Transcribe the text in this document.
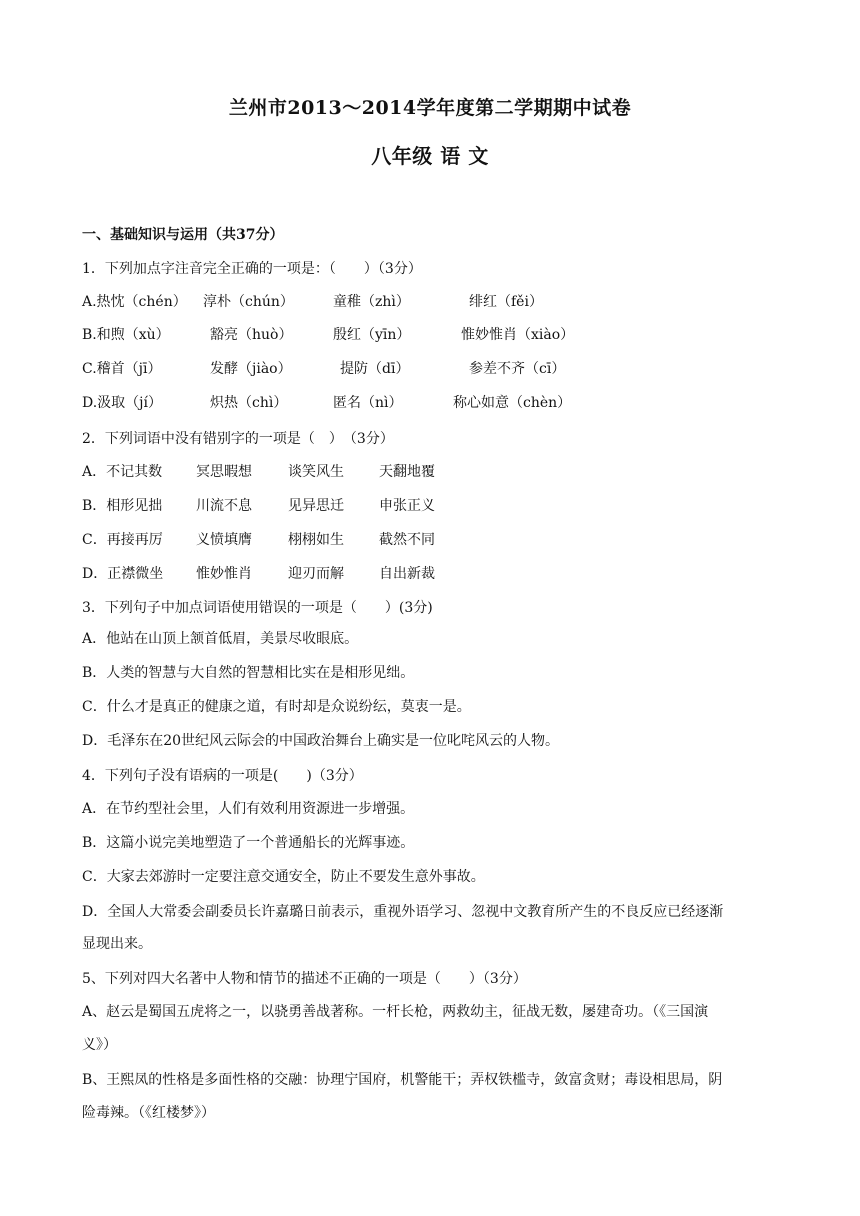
兰州市2013～2014学年度第二学期期中试卷
八年级 语 文
一、基础知识与运用（共37分）
1．下列加点字注音完全正确的一项是：（　　）（3分）
A.热忱（chén） 淳朴（chún）	童稚（zhì）	绯红（fěi）
B.和煦（xù）	豁亮（huò）	殷红（yīn）	惟妙惟肖（xiào）
C.稽首（jī）	发酵（jiào）	提防（dī）	参差不齐（cī）
D.汲取（jí）	炽热（chì）	匿名（nì）	称心如意（chèn）
2．下列词语中没有错别字的一项是（　）　（3分）
A．不记其数 冥思暇想	谈笑风生	天翻地覆
B．相形见拙 川流不息	见异思迁	申张正义
C．再接再厉 义愤填膺	栩栩如生	截然不同
D．正襟微坐 惟妙惟肖	迎刃而解	自出新裁
3．下列句子中加点词语使用错误的一项是（　　）(3分)
A．他站在山顶上颔首低眉，美景尽收眼底。
B．人类的智慧与大自然的智慧相比实在是相形见绌。
C．什么才是真正的健康之道，有时却是众说纷纭，莫衷一是。
D．毛泽东在20世纪风云际会的中国政治舞台上确实是一位叱咤风云的人物。
4．下列句子没有语病的一项是(　　)（3分）
A．在节约型社会里，人们有效利用资源进一步增强。
B．这篇小说完美地塑造了一个普通船长的光辉事迹。
C．大家去郊游时一定要注意交通安全，防止不要发生意外事故。
D．全国人大常委会副委员长许嘉璐日前表示，重视外语学习、忽视中文教育所产生的不良反应已经逐渐
显现出来。
5、下列对四大名著中人物和情节的描述不正确的一项是（　　）（3分）
A、赵云是蜀国五虎将之一，以骁勇善战著称。一杆长枪，两救幼主，征战无数，屡建奇功。（《三国演
义》）
B、王熙凤的性格是多面性格的交融：协理宁国府，机警能干；弄权铁槛寺，敛富贪财；毒设相思局，阴
险毒辣。（《红楼梦》）
